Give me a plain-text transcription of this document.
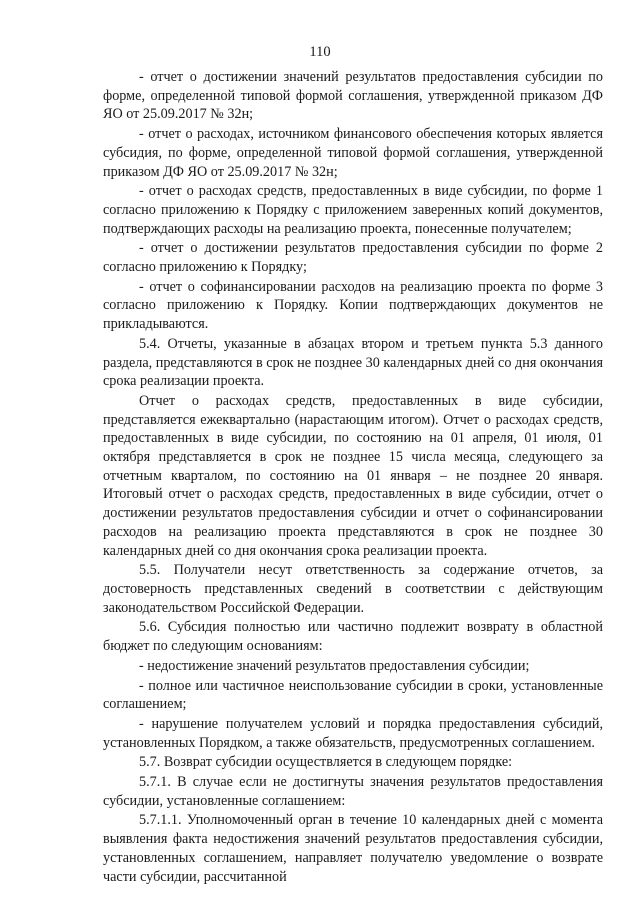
110

- отчет о достижении значений результатов предоставления субсидии по форме, определенной типовой формой соглашения, утвержденной приказом ДФ ЯО от 25.09.2017 № 32н;

- отчет о расходах, источником финансового обеспечения которых является субсидия, по форме, определенной типовой формой соглашения, утвержденной приказом ДФ ЯО от 25.09.2017 № 32н;

- отчет о расходах средств, предоставленных в виде субсидии, по форме 1 согласно приложению к Порядку с приложением заверенных копий документов, подтверждающих расходы на реализацию проекта, понесенные получателем;

- отчет о достижении результатов предоставления субсидии по форме 2 согласно приложению к Порядку;

- отчет о софинансировании расходов на реализацию проекта по форме 3 согласно приложению к Порядку. Копии подтверждающих документов не прикладываются.

5.4. Отчеты, указанные в абзацах втором и третьем пункта 5.3 данного раздела, представляются в срок не позднее 30 календарных дней со дня окончания срока реализации проекта.

Отчет о расходах средств, предоставленных в виде субсидии, представляется ежеквартально (нарастающим итогом). Отчет о расходах средств, предоставленных в виде субсидии, по состоянию на 01 апреля, 01 июля, 01 октября представляется в срок не позднее 15 числа месяца, следующего за отчетным кварталом, по состоянию на 01 января – не позднее 20 января. Итоговый отчет о расходах средств, предоставленных в виде субсидии, отчет о достижении результатов предоставления субсидии и отчет о софинансировании расходов на реализацию проекта представляются в срок не позднее 30 календарных дней со дня окончания срока реализации проекта.

5.5. Получатели несут ответственность за содержание отчетов, за достоверность представленных сведений в соответствии с действующим законодательством Российской Федерации.

5.6. Субсидия полностью или частично подлежит возврату в областной бюджет по следующим основаниям:

- недостижение значений результатов предоставления субсидии;

- полное или частичное неиспользование субсидии в сроки, установленные соглашением;

- нарушение получателем условий и порядка предоставления субсидий, установленных Порядком, а также обязательств, предусмотренных соглашением.

5.7. Возврат субсидии осуществляется в следующем порядке:

5.7.1. В случае если не достигнуты значения результатов предоставления субсидии, установленные соглашением:

5.7.1.1. Уполномоченный орган в течение 10 календарных дней с момента выявления факта недостижения значений результатов предоставления субсидии, установленных соглашением, направляет получателю уведомление о возврате части субсидии, рассчитанной
